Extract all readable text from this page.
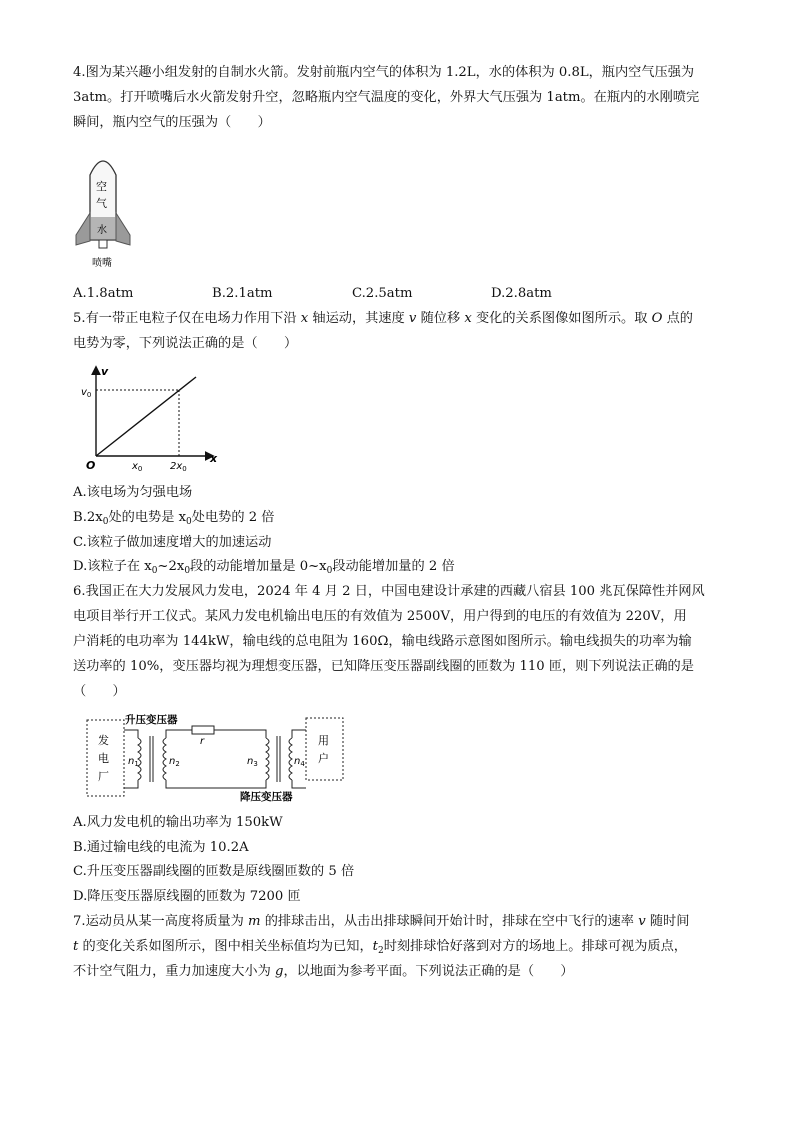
4.图为某兴趣小组发射的自制水火箭。发射前瓶内空气的体积为 1.2L，水的体积为 0.8L，瓶内空气压强为
3atm。打开喷嘴后水火箭发射升空，忽略瓶内空气温度的变化，外界大气压强为 1atm。在瓶内的水刚喷完
瞬间，瓶内空气的压强为（　　）
空
气
水
喷嘴
A.1.8atm	B.2.1atm	C.2.5atm	D.2.8atm
5.有一带正电粒子仅在电场力作用下沿 x 轴运动，其速度 v 随位移 x 变化的关系图像如图所示。取 O 点的
电势为零，下列说法正确的是（　　）
v
x
O
$v_0$
$x_0$	$2x_0$
A.该电场为匀强电场
$B.2x_0$处的电势是 $x_0$处电势的 2 倍
C.该粒子做加速度增大的加速运动
D.该粒子在 $x_0\sim 2x_0$段的动能增加量是 $0\sim x_0$段动能增加量的 2 倍
6.我国正在大力发展风力发电，2024 年 4 月 2 日，中国电建设计承建的西藏八宿县 100 兆瓦保障性并网风
电项目举行开工仪式。某风力发电机输出电压的有效值为 2500V，用户得到的电压的有效值为 220V，用
户消耗的电功率为 144kW，输电线的总电阻为 160Ω，输电线路示意图如图所示。输电线损失的功率为输
送功率的 10%，变压器均视为理想变压器，已知降压变压器副线圈的匝数为 110 匝，则下列说法正确的是
（　　）
发
电
厂
$n_1$	$n_2$
升压变压器
r
$n_3$	$n_4$
用
户
降压变压器
A.风力发电机的输出功率为 150kW
B.通过输电线的电流为 10.2A
C.升压变压器副线圈的匝数是原线圈匝数的 5 倍
D.降压变压器原线圈的匝数为 7200 匝
7.运动员从某一高度将质量为 m 的排球击出，从击出排球瞬间开始计时，排球在空中飞行的速率 v 随时间
t 的变化关系如图所示，图中相关坐标值均为已知，$t_2$时刻排球恰好落到对方的场地上。排球可视为质点，
不计空气阻力，重力加速度大小为 g，以地面为参考平面。下列说法正确的是（　　）
